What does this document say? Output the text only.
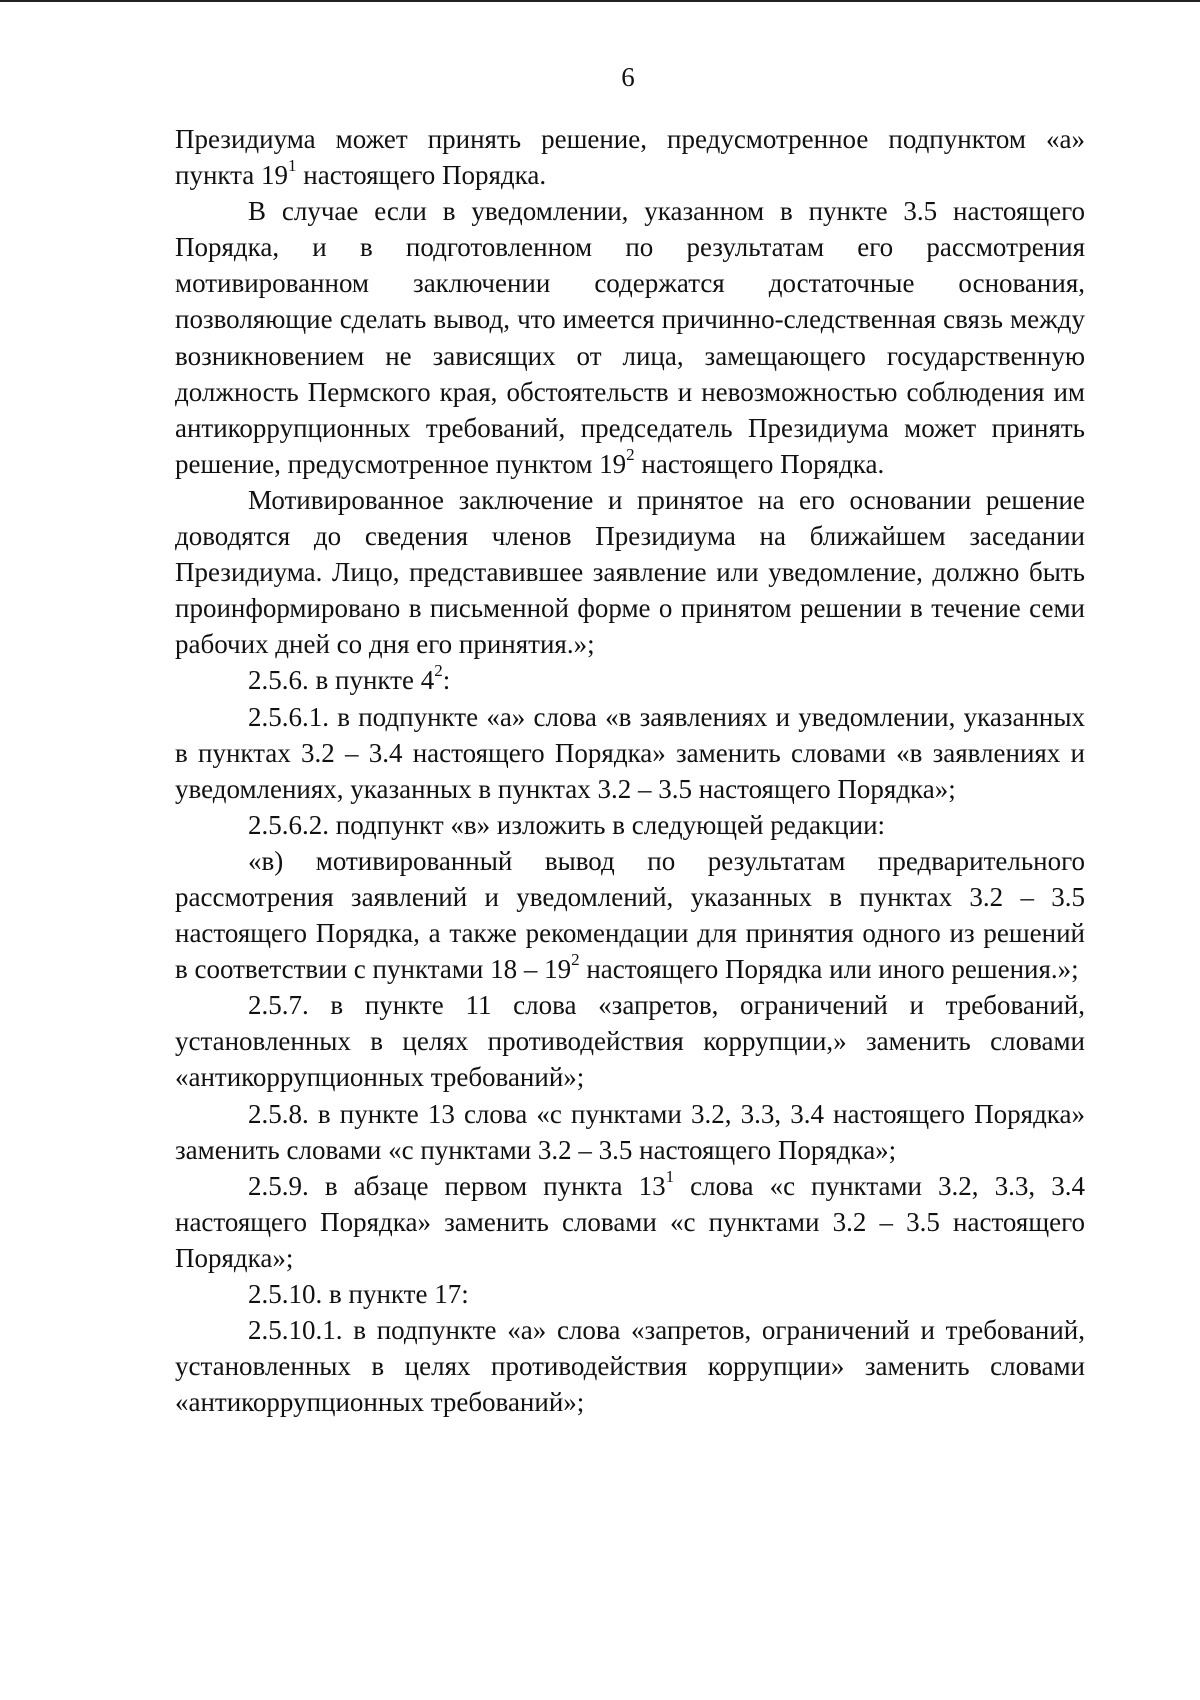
6

Президиума может принять решение, предусмотренное подпунктом «а» пункта $19^1$ настоящего Порядка.

В случае если в уведомлении, указанном в пункте 3.5 настоящего Порядка, и в подготовленном по результатам его рассмотрения мотивированном заключении содержатся достаточные основания, позволяющие сделать вывод, что имеется причинно-следственная связь между возникновением не зависящих от лица, замещающего государственную должность Пермского края, обстоятельств и невозможностью соблюдения им антикоррупционных требований, председатель Президиума может принять решение, предусмотренное пунктом $19^2$ настоящего Порядка.

Мотивированное заключение и принятое на его основании решение доводятся до сведения членов Президиума на ближайшем заседании Президиума. Лицо, представившее заявление или уведомление, должно быть проинформировано в письменной форме о принятом решении в течение семи рабочих дней со дня его принятия.»;

2.5.6. в пункте $4^2$:

2.5.6.1. в подпункте «а» слова «в заявлениях и уведомлении, указанных в пунктах 3.2 – 3.4 настоящего Порядка» заменить словами «в заявлениях и уведомлениях, указанных в пунктах 3.2 – 3.5 настоящего Порядка»;

2.5.6.2. подпункт «в» изложить в следующей редакции:

«в) мотивированный вывод по результатам предварительного рассмотрения заявлений и уведомлений, указанных в пунктах 3.2 – 3.5 настоящего Порядка, а также рекомендации для принятия одного из решений в соответствии с пунктами $18 - 19^2$ настоящего Порядка или иного решения.»;

2.5.7. в пункте 11 слова «запретов, ограничений и требований, установленных в целях противодействия коррупции,» заменить словами «антикоррупционных требований»;

2.5.8. в пункте 13 слова «с пунктами 3.2, 3.3, 3.4 настоящего Порядка» заменить словами «с пунктами 3.2 – 3.5 настоящего Порядка»;

2.5.9. в абзаце первом пункта $13^1$ слова «с пунктами 3.2, 3.3, 3.4 настоящего Порядка» заменить словами «с пунктами 3.2 – 3.5 настоящего Порядка»;

2.5.10. в пункте 17:

2.5.10.1. в подпункте «а» слова «запретов, ограничений и требований, установленных в целях противодействия коррупции» заменить словами «антикоррупционных требований»;
